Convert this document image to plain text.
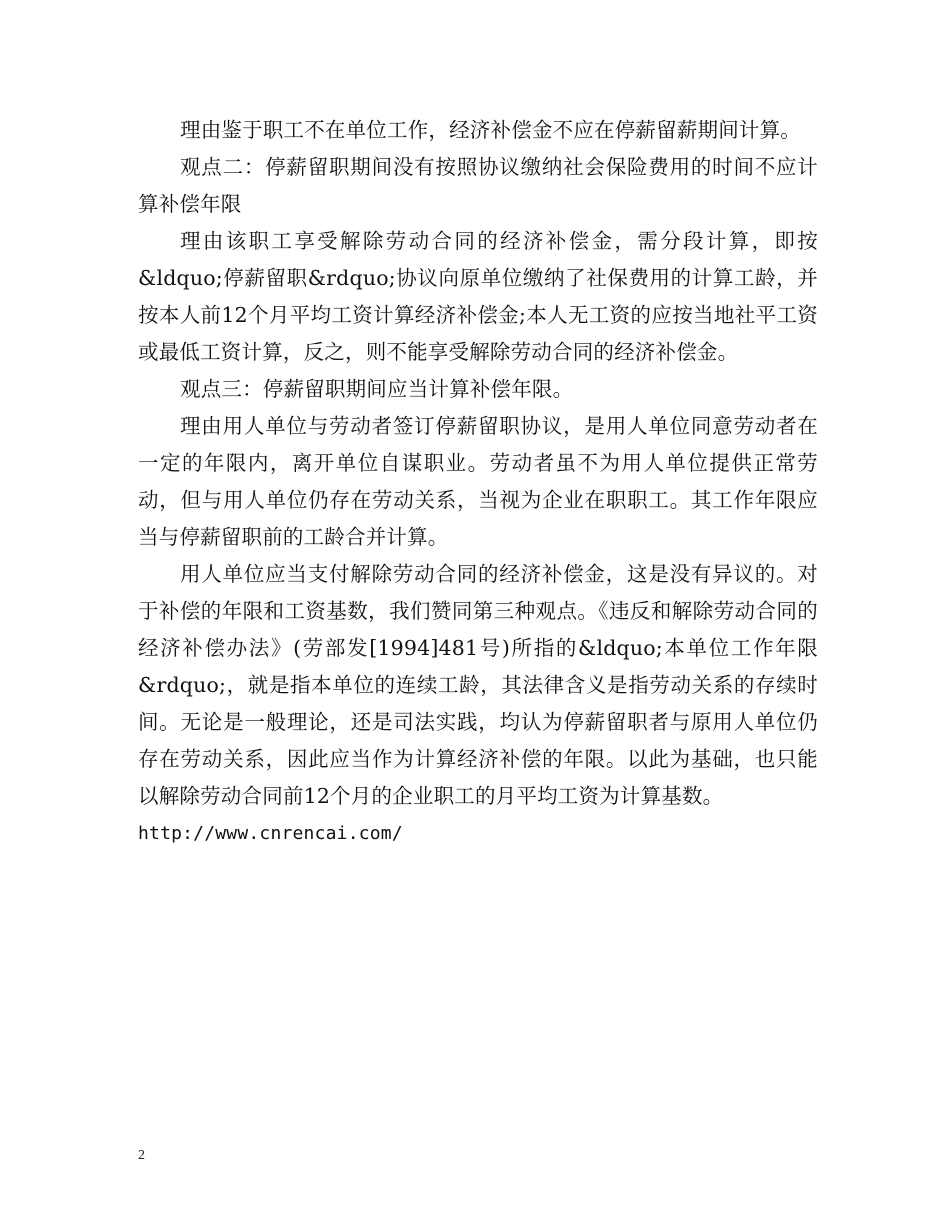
理由鉴于职工不在单位工作，经济补偿金不应在停薪留薪期间计算。

观点二：停薪留职期间没有按照协议缴纳社会保险费用的时间不应计算补偿年限

理由该职工享受解除劳动合同的经济补偿金，需分段计算，即按&ldquo;停薪留职&rdquo;协议向原单位缴纳了社保费用的计算工龄，并按本人前12个月平均工资计算经济补偿金;本人无工资的应按当地社平工资或最低工资计算，反之，则不能享受解除劳动合同的经济补偿金。

观点三：停薪留职期间应当计算补偿年限。

理由用人单位与劳动者签订停薪留职协议，是用人单位同意劳动者在一定的年限内，离开单位自谋职业。劳动者虽不为用人单位提供正常劳动，但与用人单位仍存在劳动关系，当视为企业在职职工。其工作年限应当与停薪留职前的工龄合并计算。

用人单位应当支付解除劳动合同的经济补偿金，这是没有异议的。对于补偿的年限和工资基数，我们赞同第三种观点。《违反和解除劳动合同的经济补偿办法》(劳部发[1994]481号)所指的&ldquo;本单位工作年限&rdquo;，就是指本单位的连续工龄，其法律含义是指劳动关系的存续时间。无论是一般理论，还是司法实践，均认为停薪留职者与原用人单位仍存在劳动关系，因此应当作为计算经济补偿的年限。以此为基础，也只能以解除劳动合同前12个月的企业职工的月平均工资为计算基数。

http://www.cnrencai.com/

2
